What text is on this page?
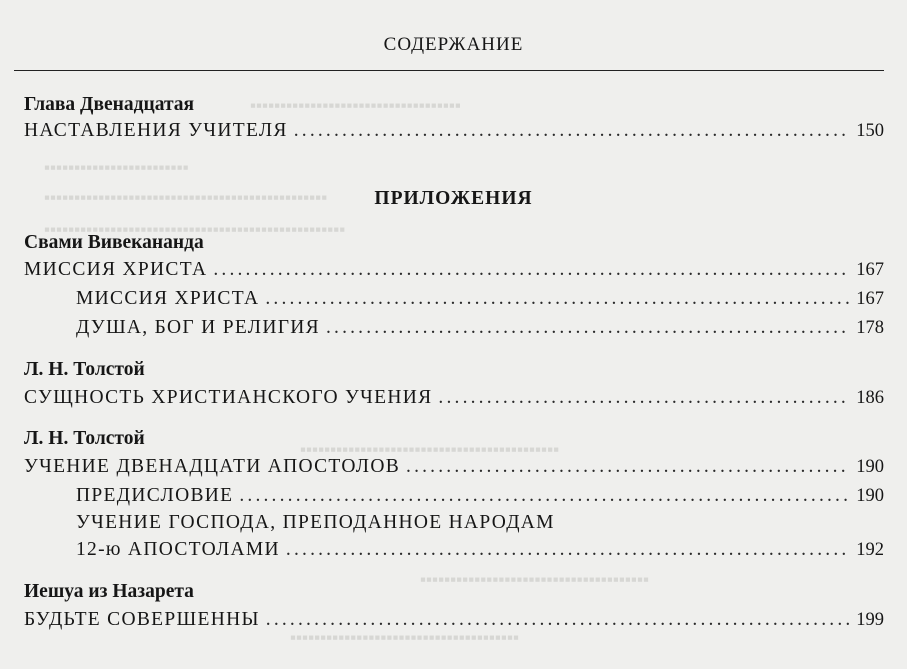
▪▪▪▪▪▪▪▪▪▪▪▪▪▪▪▪▪▪▪▪▪▪▪▪▪▪▪▪▪▪▪▪▪▪▪
▪▪▪▪▪▪▪▪▪▪▪▪▪▪▪▪▪▪▪▪▪▪▪▪
▪▪▪▪▪▪▪▪▪▪▪▪▪▪▪▪▪▪▪▪▪▪▪▪▪▪▪▪▪▪▪▪▪▪▪▪▪▪▪▪▪▪▪▪▪▪▪
▪▪▪▪▪▪▪▪▪▪▪▪▪▪▪▪▪▪▪▪▪▪▪▪▪▪▪▪▪▪▪▪▪▪▪▪▪▪▪▪▪▪▪▪▪▪▪▪▪▪
▪▪▪▪▪▪▪▪▪▪▪▪▪▪▪▪▪▪▪▪▪▪▪▪▪▪▪▪▪▪▪▪▪▪▪▪▪▪▪▪▪▪▪
▪▪▪▪▪▪▪▪▪▪▪▪▪▪▪▪▪▪▪▪▪▪▪▪▪▪▪▪▪▪▪▪▪▪▪▪▪▪
▪▪▪▪▪▪▪▪▪▪▪▪▪▪▪▪▪▪▪▪▪▪▪▪▪▪▪▪▪▪▪▪▪▪▪▪▪▪
СОДЕРЖАНИЕ
Глава Двенадцатая
НАСТАВЛЕНИЯ УЧИТЕЛЯ . . .	150
ПРИЛОЖЕНИЯ
Свами Вивекананда
МИССИЯ ХРИСТА . . .	167
МИССИЯ ХРИСТА . . .	167
ДУША, БОГ И РЕЛИГИЯ . . .	178
Л. Н. Толстой
СУЩНОСТЬ ХРИСТИАНСКОГО УЧЕНИЯ . . .	186
Л. Н. Толстой
УЧЕНИЕ ДВЕНАДЦАТИ АПОСТОЛОВ . . .	190
ПРЕДИСЛОВИЕ . . .	190
УЧЕНИЕ ГОСПОДА, ПРЕПОДАННОЕ НАРОДАМ
12-ю АПОСТОЛАМИ . . .	192
Иешуа из Назарета
БУДЬТЕ СОВЕРШЕННЫ . . .	199
